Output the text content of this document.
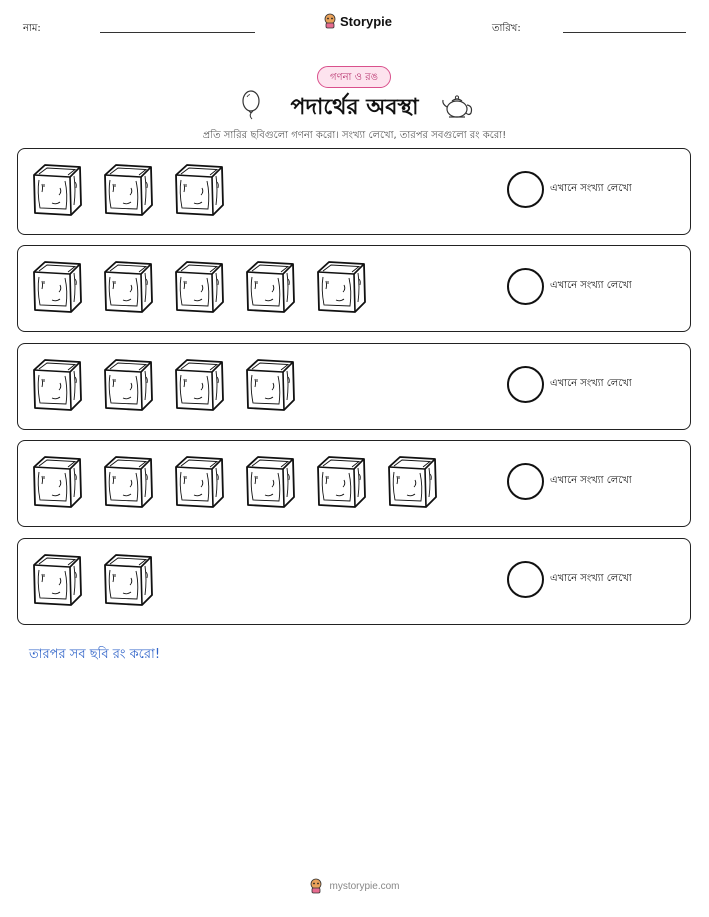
নাম:	Storypie	তারিখ:
গণনা ও রঙ
পদার্থের অবস্থা
প্রতি সারির ছবিগুলো গণনা করো। সংখ্যা লেখো, তারপর সবগুলো রং করো!
এখানে সংখ্যা লেখো
এখানে সংখ্যা লেখো
এখানে সংখ্যা লেখো
এখানে সংখ্যা লেখো
এখানে সংখ্যা লেখো
তারপর সব ছবি রং করো!
mystorypie.com
